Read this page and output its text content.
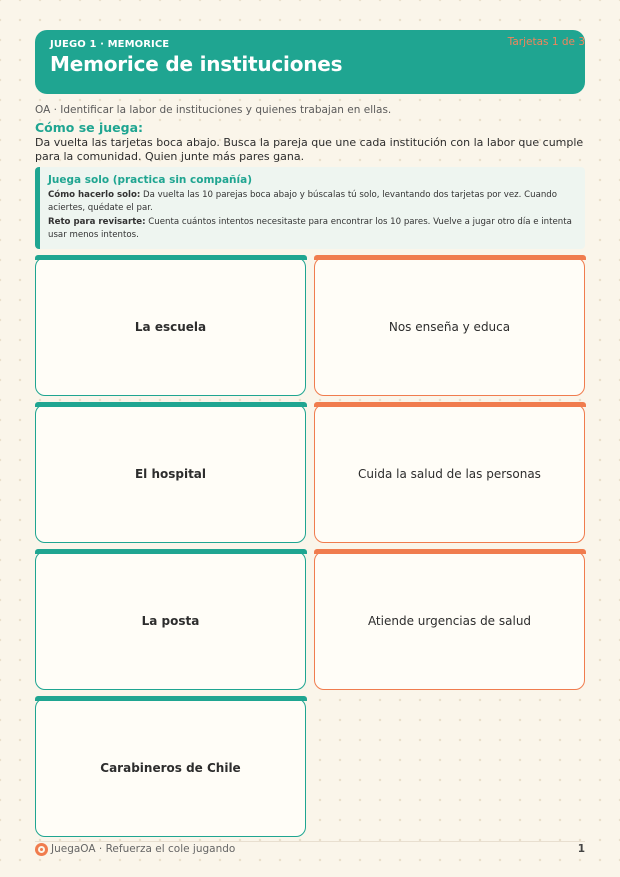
JUEGO 1 · MEMORICE
Memorice de instituciones
Tarjetas 1 de 3
OA · Identificar la labor de instituciones y quienes trabajan en ellas.
Cómo se juega:
Da vuelta las tarjetas boca abajo. Busca la pareja que une cada institución con la labor que cumple para la comunidad. Quien junte más pares gana.
Juega solo (practica sin compañía)
Cómo hacerlo solo: Da vuelta las 10 parejas boca abajo y búscalas tú solo, levantando dos tarjetas por vez. Cuando aciertes, quédate el par.
Reto para revisarte: Cuenta cuántos intentos necesitaste para encontrar los 10 pares. Vuelve a jugar otro día e intenta usar menos intentos.
La escuela	Nos enseña y educa
El hospital	Cuida la salud de las personas
La posta	Atiende urgencias de salud
Carabineros de Chile
JuegaOA · Refuerza el cole jugando	1
